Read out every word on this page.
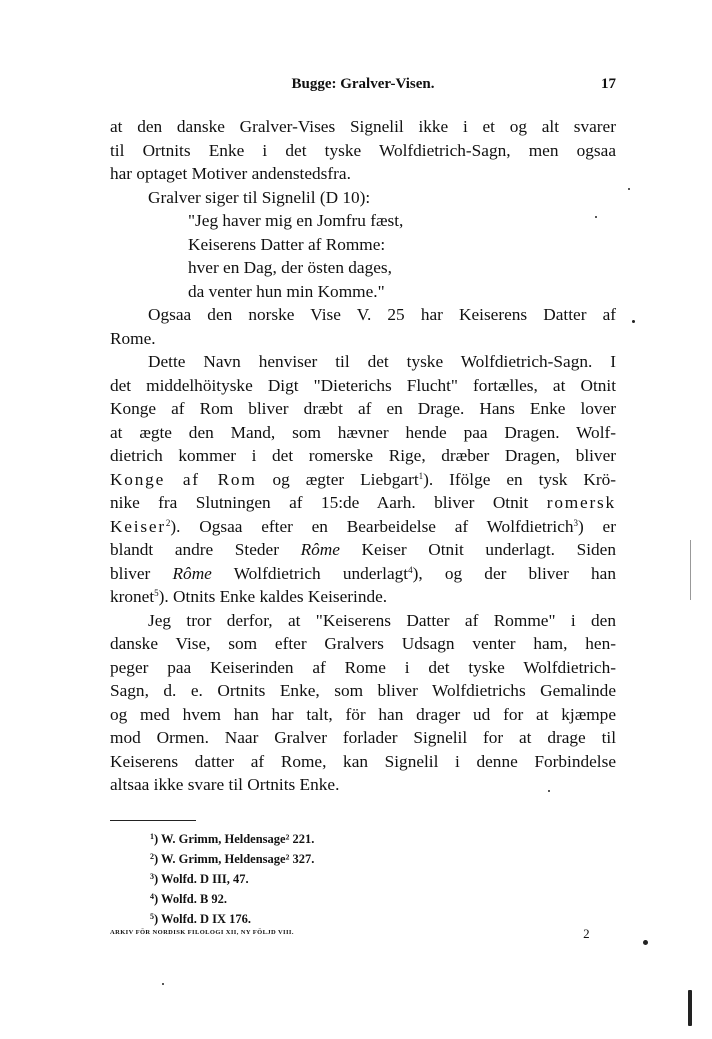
Bugge: Gralver-Visen.	17
at den danske Gralver-Vises Signelil ikke i et og alt svarer
til Ortnits Enke i det tyske Wolfdietrich-Sagn, men ogsaa
har optaget Motiver andenstedsfra.
Gralver siger til Signelil (D 10):
"Jeg haver mig en Jomfru fæst,
Keiserens Datter af Romme:
hver en Dag, der östen dages,
da venter hun min Komme."
Ogsaa den norske Vise V. 25 har Keiserens Datter af
Rome.
Dette Navn henviser til det tyske Wolfdietrich-Sagn. I
det middelhöityske Digt "Dieterichs Flucht" fortælles, at Otnit
Konge af Rom bliver dræbt af en Drage. Hans Enke lover
at ægte den Mand, som hævner hende paa Dragen. Wolf-
dietrich kommer i det romerske Rige, dræber Dragen, bliver
Konge af Rom og ægter Liebgart$^1$). Ifölge en tysk Krö-
nike fra Slutningen af 15:de Aarh. bliver Otnit romersk
Keiser$^2$). Ogsaa efter en Bearbeidelse af Wolfdietrich$^3$) er
blandt andre Steder Rôme Keiser Otnit underlagt. Siden
bliver Rôme Wolfdietrich underlagt$^4$), og der bliver han
kronet$^5$). Otnits Enke kaldes Keiserinde.
Jeg tror derfor, at "Keiserens Datter af Romme" i den
danske Vise, som efter Gralvers Udsagn venter ham, hen-
peger paa Keiserinden af Rome i det tyske Wolfdietrich-
Sagn, d. e. Ortnits Enke, som bliver Wolfdietrichs Gemalinde
og med hvem han har talt, för han drager ud for at kjæmpe
mod Ormen. Naar Gralver forlader Signelil for at drage til
Keiserens datter af Rome, kan Signelil i denne Forbindelse
altsaa ikke svare til Ortnits Enke.
$^1$) W. Grimm, Heldensage² 221.
$^2$) W. Grimm, Heldensage² 327.
$^3$) Wolfd. D III, 47.
$^4$) Wolfd. B 92.
$^5$) Wolfd. D IX 176.
ARKIV FÖR NORDISK FILOLOGI XII, NY FÖLJD VIII.	2
